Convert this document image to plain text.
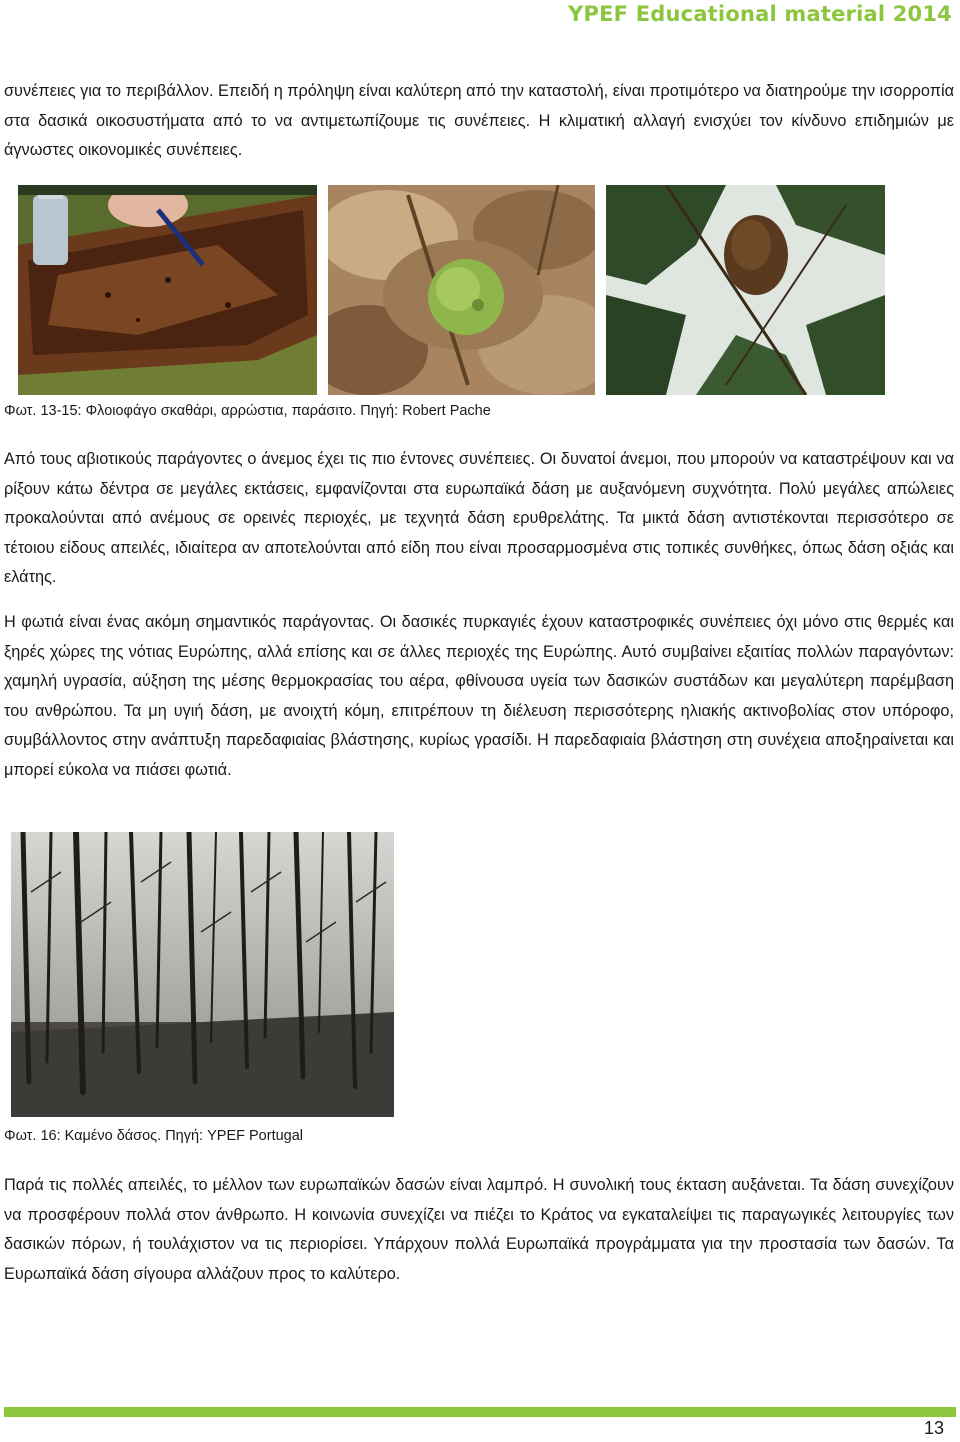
YPEF Educational material 2014

συνέπειες για το περιβάλλον. Επειδή η πρόληψη είναι καλύτερη από την καταστολή, είναι προτιμότερο να διατηρούμε την ισορροπία στα δασικά οικοσυστήματα από το να αντιμετωπίζουμε τις συνέπειες. Η κλιματική αλλαγή ενισχύει τον κίνδυνο επιδημιών με άγνωστες οικονομικές συνέπειες.

Φωτ. 13-15: Φλοιοφάγο σκαθάρι, αρρώστια, παράσιτο. Πηγή: Robert Pache

Από τους αβιοτικούς παράγοντες ο άνεμος έχει τις πιο έντονες συνέπειες. Οι δυνατοί άνεμοι, που μπορούν να καταστρέψουν και να ρίξουν κάτω δέντρα σε μεγάλες εκτάσεις, εμφανίζονται στα ευρωπαϊκά δάση με αυξανόμενη συχνότητα. Πολύ μεγάλες απώλειες προκαλούνται από ανέμους σε ορεινές περιοχές, με τεχνητά δάση ερυθρελάτης. Τα μικτά δάση αντιστέκονται περισσότερο σε τέτοιου είδους απειλές, ιδιαίτερα αν αποτελούνται από είδη που είναι προσαρμοσμένα στις τοπικές συνθήκες, όπως δάση οξιάς και ελάτης.

Η φωτιά είναι ένας ακόμη σημαντικός παράγοντας. Οι δασικές πυρκαγιές έχουν καταστροφικές συνέπειες όχι μόνο στις θερμές και ξηρές χώρες της νότιας Ευρώπης, αλλά επίσης και σε άλλες περιοχές της Ευρώπης. Αυτό συμβαίνει εξαιτίας πολλών παραγόντων: χαμηλή υγρασία, αύξηση της μέσης θερμοκρασίας του αέρα, φθίνουσα υγεία των δασικών συστάδων και μεγαλύτερη παρέμβαση του ανθρώπου. Τα μη υγιή δάση, με ανοιχτή κόμη, επιτρέπουν τη διέλευση περισσότερης ηλιακής ακτινοβολίας στον υπόροφο, συμβάλλοντος στην ανάπτυξη παρεδαφιαίας βλάστησης, κυρίως γρασίδι. Η παρεδαφιαία βλάστηση στη συνέχεια αποξηραίνεται και μπορεί εύκολα να πιάσει φωτιά.

Φωτ. 16: Καμένο δάσος. Πηγή: YPEF Portugal

Παρά τις πολλές απειλές, το μέλλον των ευρωπαϊκών δασών είναι λαμπρό. Η συνολική τους έκταση αυξάνεται. Τα δάση συνεχίζουν να προσφέρουν πολλά στον άνθρωπο. Η κοινωνία συνεχίζει να πιέζει το Κράτος να εγκαταλείψει τις παραγωγικές λειτουργίες των δασικών πόρων, ή τουλάχιστον να τις περιορίσει. Υπάρχουν πολλά Ευρωπαϊκά προγράμματα για την προστασία των δασών. Τα Ευρωπαϊκά δάση σίγουρα αλλάζουν προς το καλύτερο.

13
